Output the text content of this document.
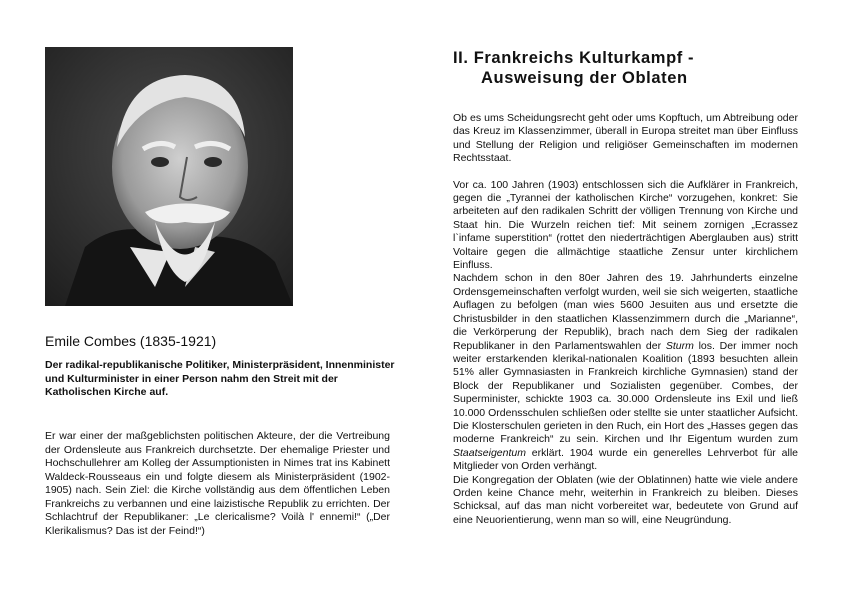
Emile Combes (1835-1921)
Der radikal-republikanische Politiker, Ministerpräsident, Innenminister und Kulturminister in einer Person nahm den Streit mit der Katholischen Kirche auf.
Er war einer der maßgeblichsten politischen Akteure, der die Vertreibung der Ordensleute aus Frankreich durchsetzte. Der ehemalige Priester und Hochschullehrer am Kolleg der Assumptionisten in Nimes trat ins Kabinett Waldeck-Rousseaus ein und folgte diesem als Ministerpräsident (1902- 1905) nach. Sein Ziel: die Kirche vollständig aus dem öffentlichen Leben Frankreichs zu verbannen und eine laizistische Republik zu errichten. Der Schlachtruf der Republikaner: „Le clericalisme? Voilà l' ennemi!“ („Der Klerikalismus? Das ist der Feind!“)
II. Frankreichs Kulturkampf -
Ausweisung der Oblaten

Ob es ums Scheidungsrecht geht oder ums Kopftuch, um Abtreibung oder das Kreuz im Klassenzimmer, überall in Europa streitet man über Einfluss und Stellung der Religion und religiöser Gemeinschaften im modernen Rechtsstaat.

Vor ca. 100 Jahren (1903) entschlossen sich die Aufklärer in Frankreich, gegen die „Tyrannei der katholischen Kirche“ vorzugehen, konkret: Sie arbeiteten auf den radikalen Schritt der völligen Trennung von Kirche und Staat hin. Die Wurzeln reichen tief: Mit seinem zornigen „Ecrassez l`infame superstition“ (rottet den niederträchtigen Aberglauben aus) stritt Voltaire gegen die allmächtige staatliche Zensur unter kirchlichem Einfluss.

Nachdem schon in den 80er Jahren des 19. Jahrhunderts einzelne Ordensgemeinschaften verfolgt wurden, weil sie sich weigerten, staatliche Auflagen zu befolgen (man wies 5600 Jesuiten aus und ersetzte die Christusbilder in den staatlichen Klassenzimmern durch die „Marianne“, die Verkörperung der Republik), brach nach dem Sieg der radikalen Republikaner in den Parlamentswahlen der Sturm los. Der immer noch weiter erstarkenden klerikal-nationalen Koalition (1893 besuchten allein 51% aller Gymnasiasten in Frankreich kirchliche Gymnasien) stand der Block der Republikaner und Sozialisten gegenüber. Combes, der Superminister, schickte 1903 ca. 30.000 Ordensleute ins Exil und ließ 10.000 Ordensschulen schließen oder stellte sie unter staatlicher Aufsicht. Die Klosterschulen gerieten in den Ruch, ein Hort des „Hasses gegen das moderne Frankreich“ zu sein. Kirchen und Ihr Eigentum wurden zum Staatseigentum erklärt. 1904 wurde ein generelles Lehrverbot für alle Mitglieder von Orden verhängt.

Die Kongregation der Oblaten (wie der Oblatinnen) hatte wie viele andere Orden keine Chance mehr, weiterhin in Frankreich zu bleiben. Dieses Schicksal, auf das man nicht vorbereitet war, bedeutete von Grund auf eine Neuorientierung, wenn man so will, eine Neugründung.
